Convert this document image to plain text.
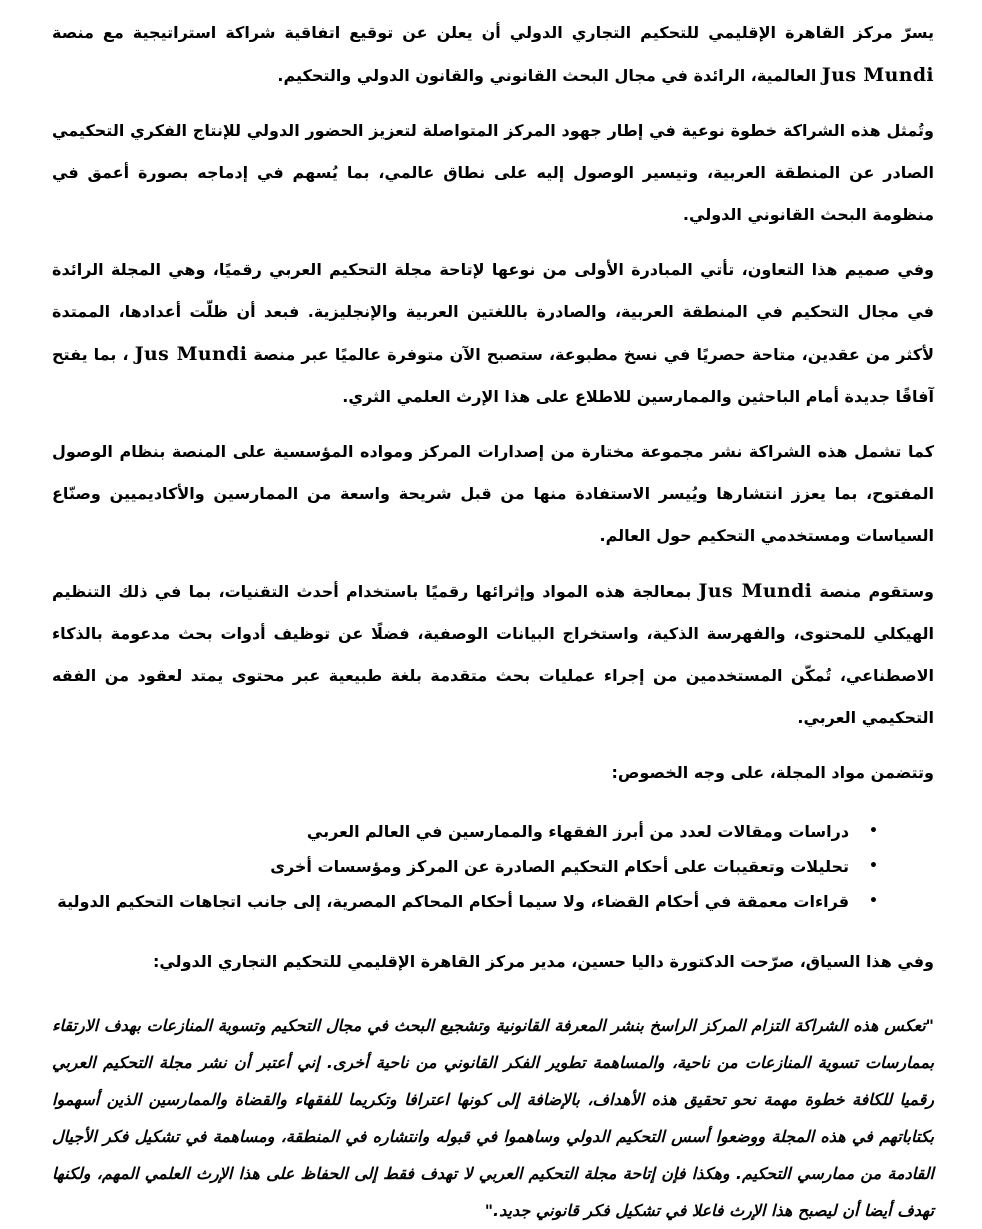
يسرّ مركز القاهرة الإقليمي للتحكيم التجاري الدولي أن يعلن عن توقيع اتفاقية شراكة استراتيجية مع منصة Jus Mundi العالمية، الرائدة في مجال البحث القانوني والقانون الدولي والتحكيم.

وتُمثل هذه الشراكة خطوة نوعية في إطار جهود المركز المتواصلة لتعزيز الحضور الدولي للإنتاج الفكري التحكيمي الصادر عن المنطقة العربية، وتيسير الوصول إليه على نطاق عالمي، بما يُسهم في إدماجه بصورة أعمق في منظومة البحث القانوني الدولي.

وفي صميم هذا التعاون، تأتي المبادرة الأولى من نوعها لإتاحة مجلة التحكيم العربي رقميًا، وهي المجلة الرائدة في مجال التحكيم في المنطقة العربية، والصادرة باللغتين العربية والإنجليزية. فبعد أن ظلّت أعدادها، الممتدة لأكثر من عقدين، متاحة حصريًا في نسخ مطبوعة، ستصبح الآن متوفرة عالميًا عبر منصة Jus Mundi ، بما يفتح آفاقًا جديدة أمام الباحثين والممارسين للاطلاع على هذا الإرث العلمي الثري.

كما تشمل هذه الشراكة نشر مجموعة مختارة من إصدارات المركز ومواده المؤسسية على المنصة بنظام الوصول المفتوح، بما يعزز انتشارها ويُيسر الاستفادة منها من قبل شريحة واسعة من الممارسين والأكاديميين وصنّاع السياسات ومستخدمي التحكيم حول العالم.

وستقوم منصة Jus Mundi بمعالجة هذه المواد وإثرائها رقميًا باستخدام أحدث التقنيات، بما في ذلك التنظيم الهيكلي للمحتوى، والفهرسة الذكية، واستخراج البيانات الوصفية، فضلًا عن توظيف أدوات بحث مدعومة بالذكاء الاصطناعي، تُمكّن المستخدمين من إجراء عمليات بحث متقدمة بلغة طبيعية عبر محتوى يمتد لعقود من الفقه التحكيمي العربي.

وتتضمن مواد المجلة، على وجه الخصوص:

•
دراسات ومقالات لعدد من أبرز الفقهاء والممارسين في العالم العربي
•
تحليلات وتعقيبات على أحكام التحكيم الصادرة عن المركز ومؤسسات أخرى
•
قراءات معمقة في أحكام القضاء، ولا سيما أحكام المحاكم المصرية، إلى جانب اتجاهات التحكيم الدولية

وفي هذا السياق، صرّحت الدكتورة داليا حسين، مدير مركز القاهرة الإقليمي للتحكيم التجاري الدولي:

"تعكس هذه الشراكة التزام المركز الراسخ بنشر المعرفة القانونية وتشجيع البحث في مجال التحكيم وتسوية المنازعات بهدف الارتقاء بممارسات تسوية المنازعات من ناحية، والمساهمة تطوير الفكر القانوني من ناحية أخرى. إني أعتبر أن نشر مجلة التحكيم العربي رقميا للكافة خطوة مهمة نحو تحقيق هذه الأهداف، بالإضافة إلى كونها اعترافا وتكريما للفقهاء والقضاة والممارسين الذين أسهموا بكتاباتهم في هذه المجلة ووضعوا أسس التحكيم الدولي وساهموا في قبوله وانتشاره في المنطقة، ومساهمة في تشكيل فكر الأجيال القادمة من ممارسي التحكيم. وهكذا فإن إتاحة مجلة التحكيم العربي لا تهدف فقط إلى الحفاظ على هذا الإرث العلمي المهم، ولكنها تهدف أيضا أن ليصبح هذا الإرث فاعلا في تشكيل فكر قانوني جديد."
